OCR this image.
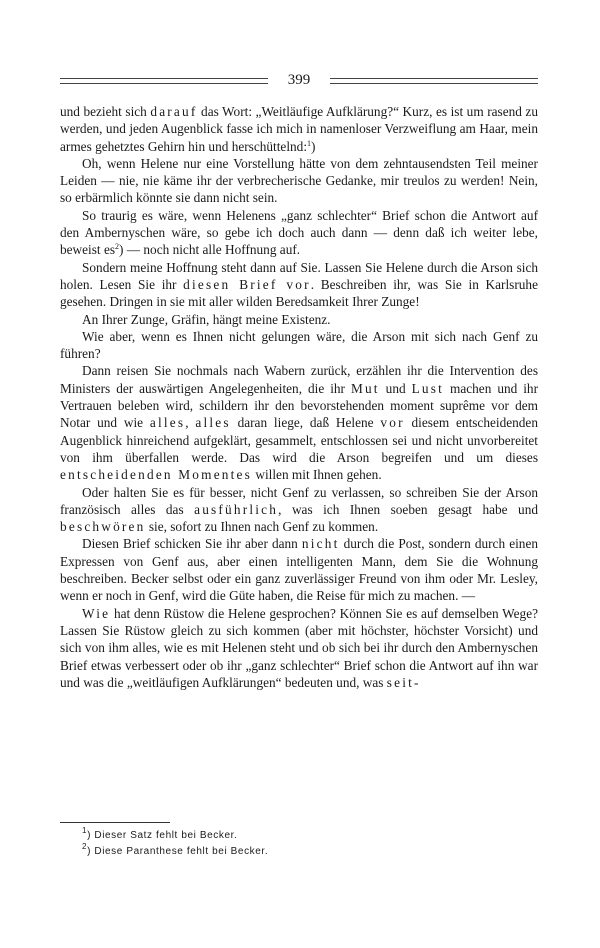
399

und bezieht sich darauf das Wort: „Weitläufige Aufklärung?“ Kurz, es ist um rasend zu werden, und jeden Augenblick fasse ich mich in namenloser Verzweiflung am Haar, mein armes gehetztes Gehirn hin und herschüttelnd:$^1$)

Oh, wenn Helene nur eine Vorstellung hätte von dem zehntausendsten Teil meiner Leiden — nie, nie käme ihr der verbrecherische Gedanke, mir treulos zu werden! Nein, so erbärmlich könnte sie dann nicht sein.

So traurig es wäre, wenn Helenens „ganz schlechter“ Brief schon die Antwort auf den Ambernyschen wäre, so gebe ich doch auch dann — denn daß ich weiter lebe, beweist $es^2$) — noch nicht alle Hoffnung auf.

Sondern meine Hoffnung steht dann auf Sie. Lassen Sie Helene durch die Arson sich holen. Lesen Sie ihr diesen Brief vor. Beschreiben ihr, was Sie in Karlsruhe gesehen. Dringen in sie mit aller wilden Beredsamkeit Ihrer Zunge!

An Ihrer Zunge, Gräfin, hängt meine Existenz.

Wie aber, wenn es Ihnen nicht gelungen wäre, die Arson mit sich nach Genf zu führen?

Dann reisen Sie nochmals nach Wabern zurück, erzählen ihr die Intervention des Ministers der auswärtigen Angelegenheiten, die ihr Mut und Lust machen und ihr Vertrauen beleben wird, schildern ihr den bevorstehenden moment suprême vor dem Notar und wie alles, alles daran liege, daß Helene vor diesem entscheidenden Augenblick hinreichend aufgeklärt, gesammelt, entschlossen sei und nicht unvorbereitet von ihm überfallen werde. Das wird die Arson begreifen und um dieses entscheidenden Momentes willen mit Ihnen gehen.

Oder halten Sie es für besser, nicht Genf zu verlassen, so schreiben Sie der Arson französisch alles das ausführlich, was ich Ihnen soeben gesagt habe und beschwören sie, sofort zu Ihnen nach Genf zu kommen.

Diesen Brief schicken Sie ihr aber dann nicht durch die Post, sondern durch einen Expressen von Genf aus, aber einen intelligenten Mann, dem Sie die Wohnung beschreiben. Becker selbst oder ein ganz zuverlässiger Freund von ihm oder Mr. Lesley, wenn er noch in Genf, wird die Güte haben, die Reise für mich zu machen. —

Wie hat denn Rüstow die Helene gesprochen? Können Sie es auf demselben Wege? Lassen Sie Rüstow gleich zu sich kommen (aber mit höchster, höchster Vorsicht) und sich von ihm alles, wie es mit Helenen steht und ob sich bei ihr durch den Ambernyschen Brief etwas verbessert oder ob ihr „ganz schlechter“ Brief schon die Antwort auf ihn war und was die „weitläufigen Aufklärungen“ bedeuten und, was seit-

$^1$) Dieser Satz fehlt bei Becker.

$^2$) Diese Paranthese fehlt bei Becker.
